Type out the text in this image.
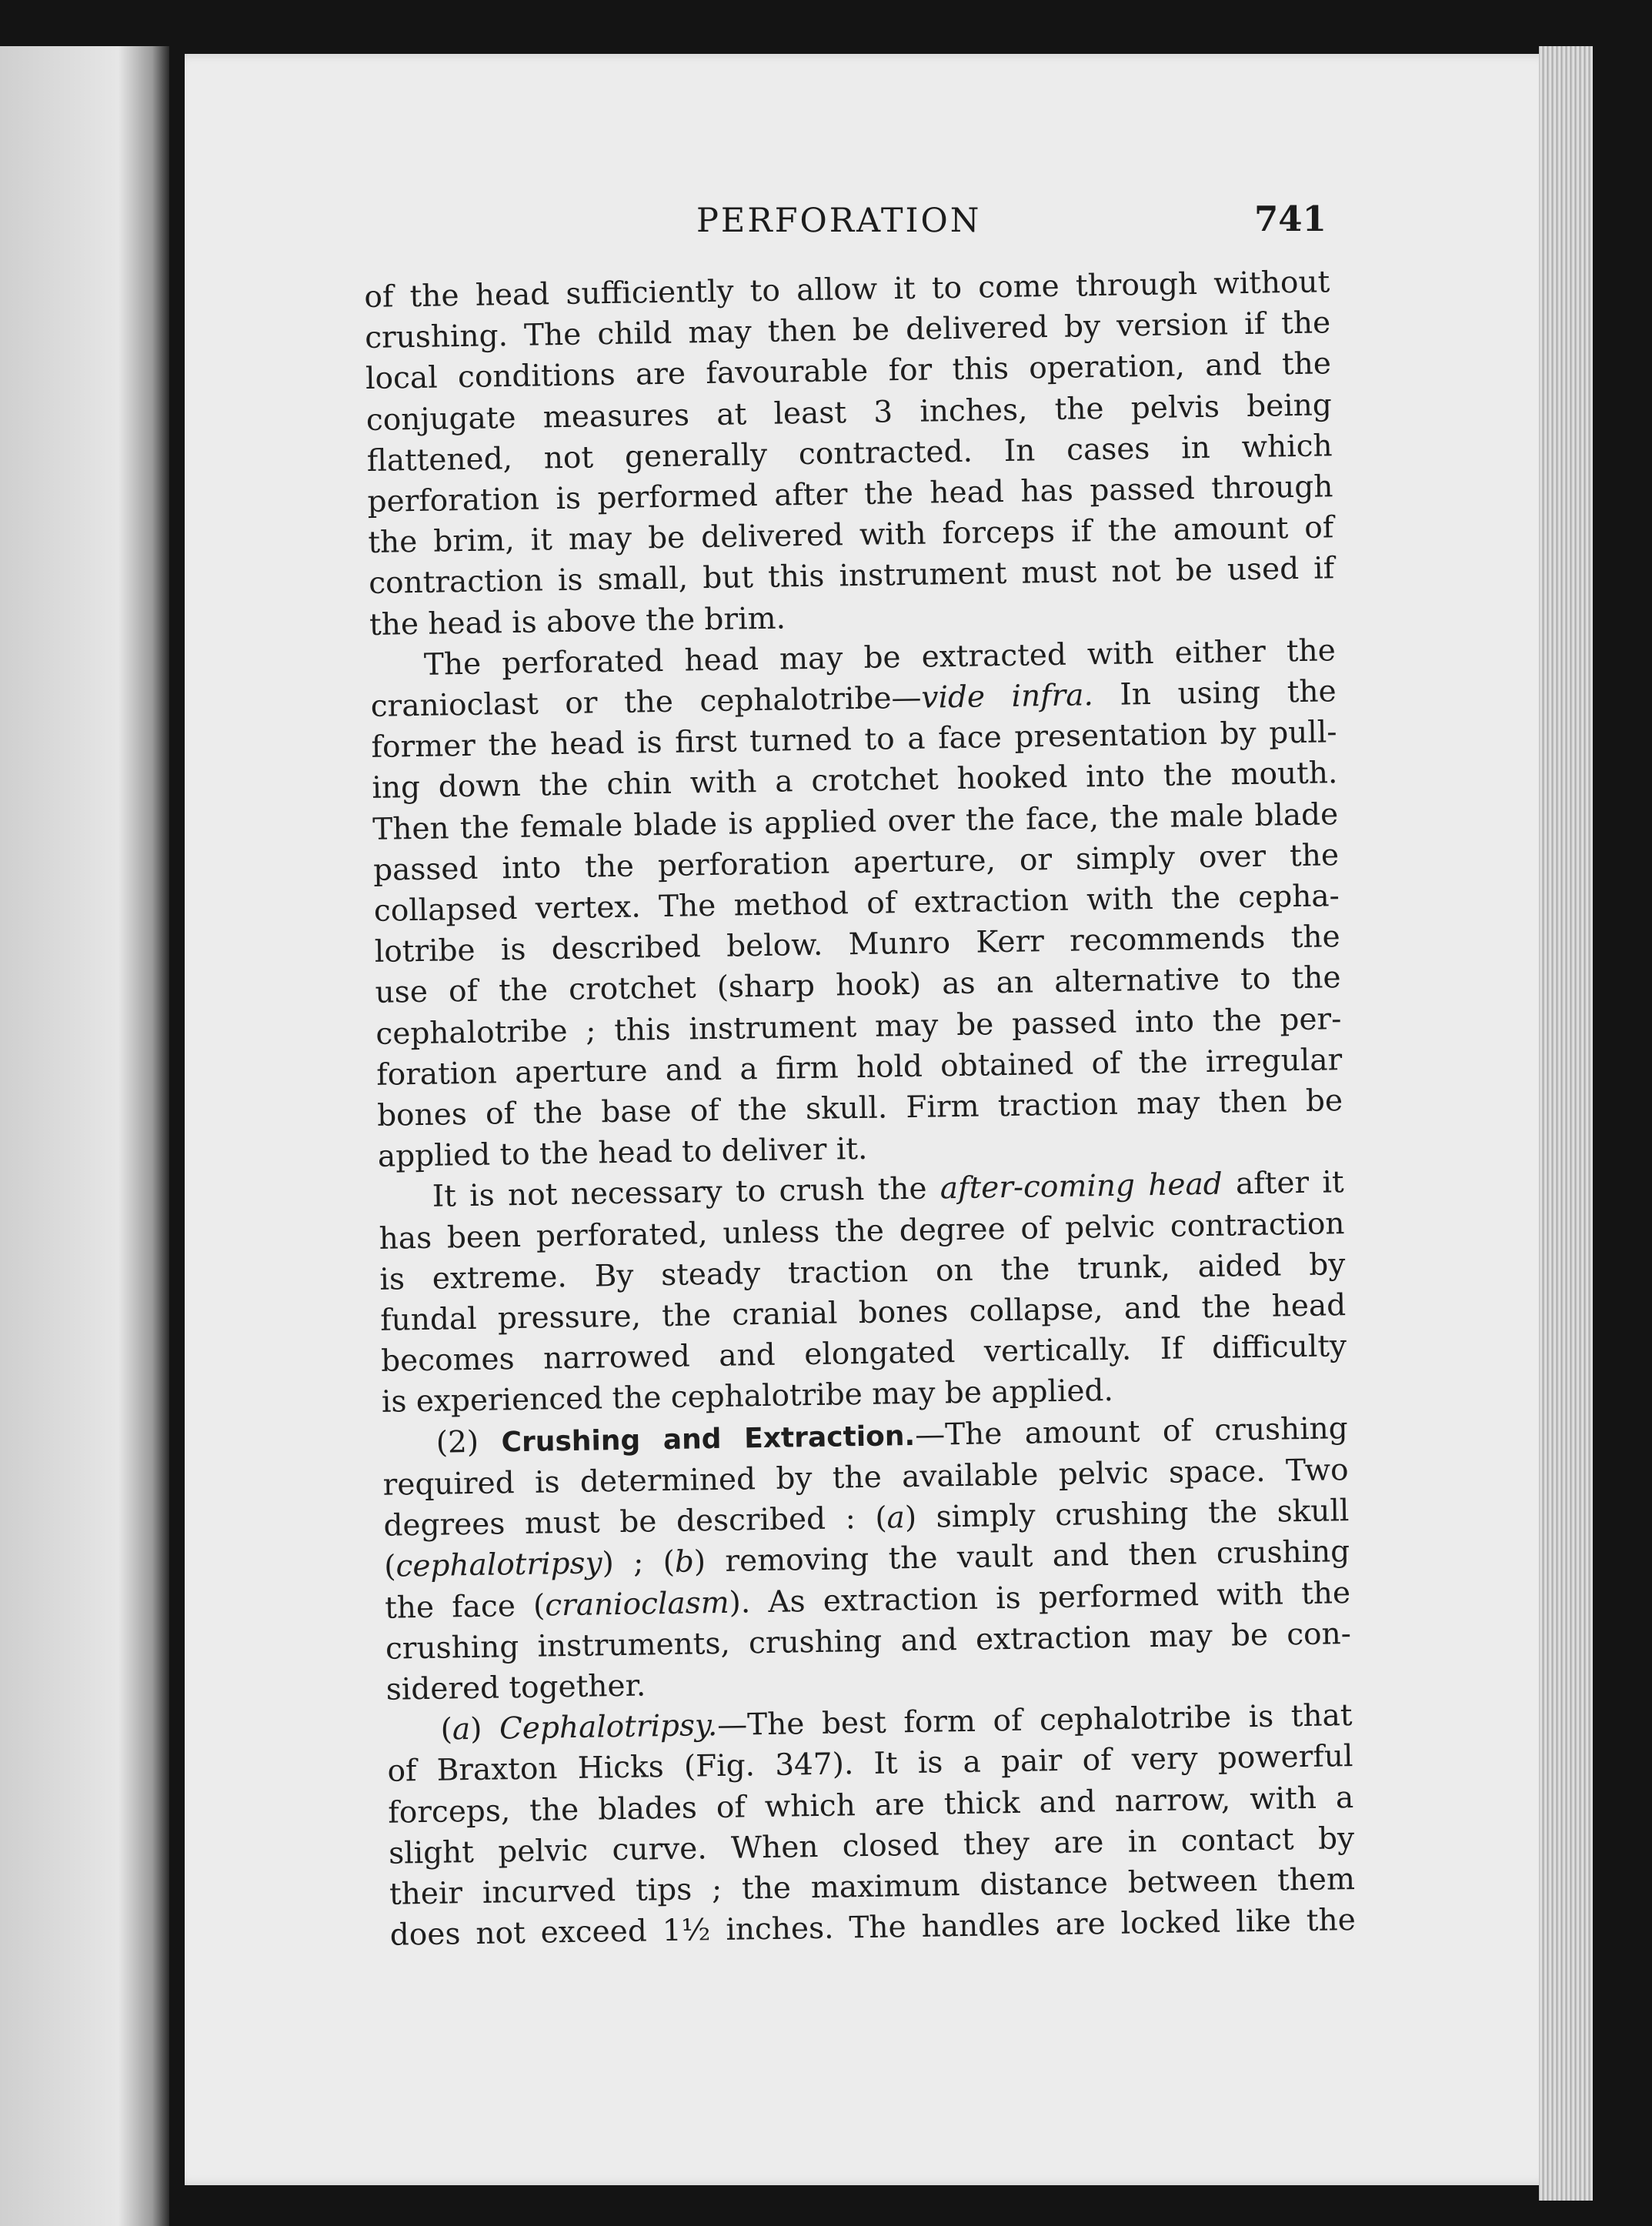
PERFORATION	741
of the head sufficiently to allow it to come through without
crushing. The child may then be delivered by version if the
local conditions are favourable for this operation, and the
conjugate measures at least 3 inches, the pelvis being
flattened, not generally contracted. In cases in which
perforation is performed after the head has passed through
the brim, it may be delivered with forceps if the amount of
contraction is small, but this instrument must not be used if
the head is above the brim.
The perforated head may be extracted with either the
cranioclast or the cephalotribe—vide infra. In using the
former the head is first turned to a face presentation by pull-
ing down the chin with a crotchet hooked into the mouth.
Then the female blade is applied over the face, the male blade
passed into the perforation aperture, or simply over the
collapsed vertex. The method of extraction with the cepha-
lotribe is described below. Munro Kerr recommends the
use of the crotchet (sharp hook) as an alternative to the
cephalotribe ; this instrument may be passed into the per-
foration aperture and a firm hold obtained of the irregular
bones of the base of the skull. Firm traction may then be
applied to the head to deliver it.
It is not necessary to crush the after-coming head after it
has been perforated, unless the degree of pelvic contraction
is extreme. By steady traction on the trunk, aided by
fundal pressure, the cranial bones collapse, and the head
becomes narrowed and elongated vertically. If difficulty
is experienced the cephalotribe may be applied.
(2) Crushing and Extraction.—The amount of crushing
required is determined by the available pelvic space. Two
degrees must be described : (a) simply crushing the skull
(cephalotripsy) ; (b) removing the vault and then crushing
the face (cranioclasm). As extraction is performed with the
crushing instruments, crushing and extraction may be con-
sidered together.
(a) Cephalotripsy.—The best form of cephalotribe is that
of Braxton Hicks (Fig. 347). It is a pair of very powerful
forceps, the blades of which are thick and narrow, with a
slight pelvic curve. When closed they are in contact by
their incurved tips ; the maximum distance between them
does not exceed 1½ inches. The handles are locked like the
